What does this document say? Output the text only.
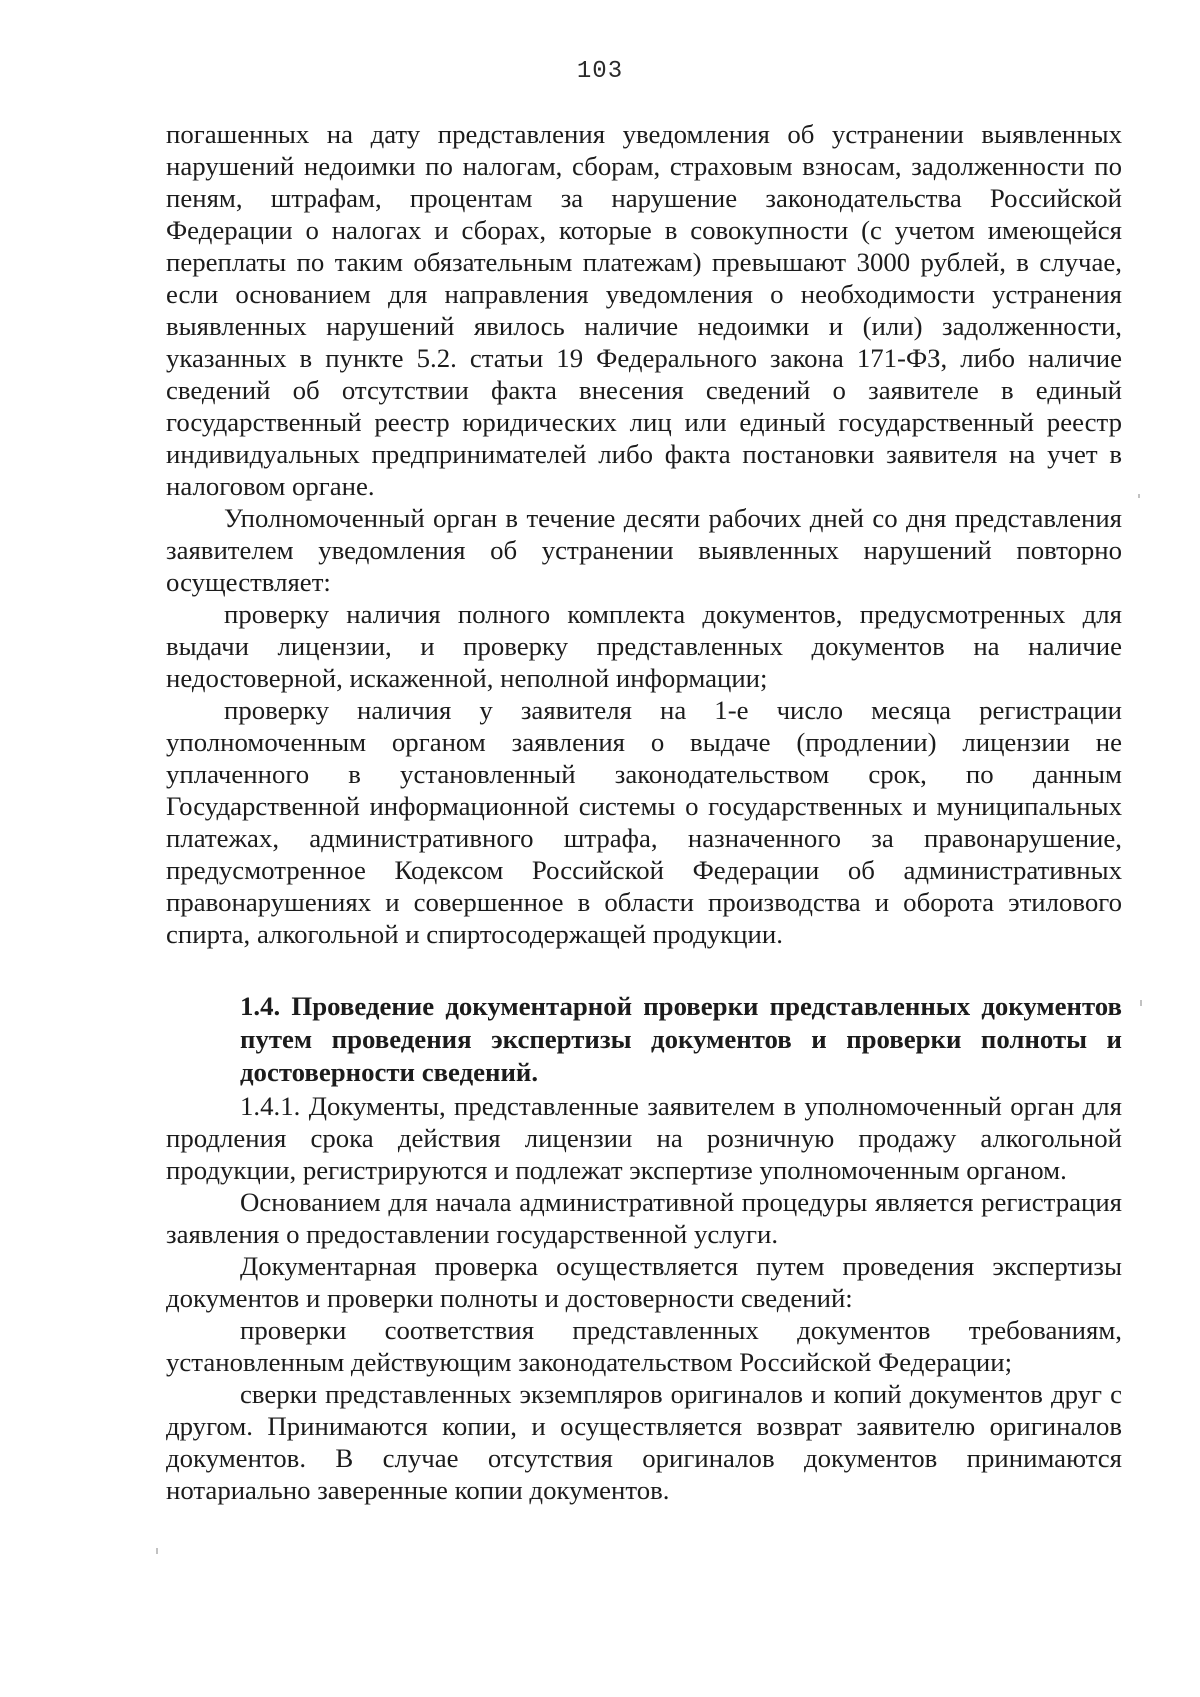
103

погашенных на дату представления уведомления об устранении выявленных нарушений недоимки по налогам, сборам, страховым взносам, задолженности по пеням, штрафам, процентам за нарушение законодательства Российской Федерации о налогах и сборах, которые в совокупности (с учетом имеющейся переплаты по таким обязательным платежам) превышают 3000 рублей, в случае, если основанием для направления уведомления о необходимости устранения выявленных нарушений явилось наличие недоимки и (или) задолженности, указанных в пункте 5.2. статьи 19 Федерального закона 171-ФЗ, либо наличие сведений об отсутствии факта внесения сведений о заявителе в единый государственный реестр юридических лиц или единый государственный реестр индивидуальных предпринимателей либо факта постановки заявителя на учет в налоговом органе.

Уполномоченный орган в течение десяти рабочих дней со дня представления заявителем уведомления об устранении выявленных нарушений повторно осуществляет:

проверку наличия полного комплекта документов, предусмотренных для выдачи лицензии, и проверку представленных документов на наличие недостоверной, искаженной, неполной информации;

проверку наличия у заявителя на 1-е число месяца регистрации уполномоченным органом заявления о выдаче (продлении) лицензии не уплаченного в установленный законодательством срок, по данным Государственной информационной системы о государственных и муниципальных платежах, административного штрафа, назначенного за правонарушение, предусмотренное Кодексом Российской Федерации об административных правонарушениях и совершенное в области производства и оборота этилового спирта, алкогольной и спиртосодержащей продукции.

1.4. Проведение документарной проверки представленных документов путем проведения экспертизы документов и проверки полноты и достоверности сведений.

1.4.1. Документы, представленные заявителем в уполномоченный орган для продления срока действия лицензии на розничную продажу алкогольной продукции, регистрируются и подлежат экспертизе уполномоченным органом.

Основанием для начала административной процедуры является регистрация заявления о предоставлении государственной услуги.

Документарная проверка осуществляется путем проведения экспертизы документов и проверки полноты и достоверности сведений:

проверки соответствия представленных документов требованиям, установленным действующим законодательством Российской Федерации;

сверки представленных экземпляров оригиналов и копий документов друг с другом. Принимаются копии, и осуществляется возврат заявителю оригиналов документов. В случае отсутствия оригиналов документов принимаются нотариально заверенные копии документов.
